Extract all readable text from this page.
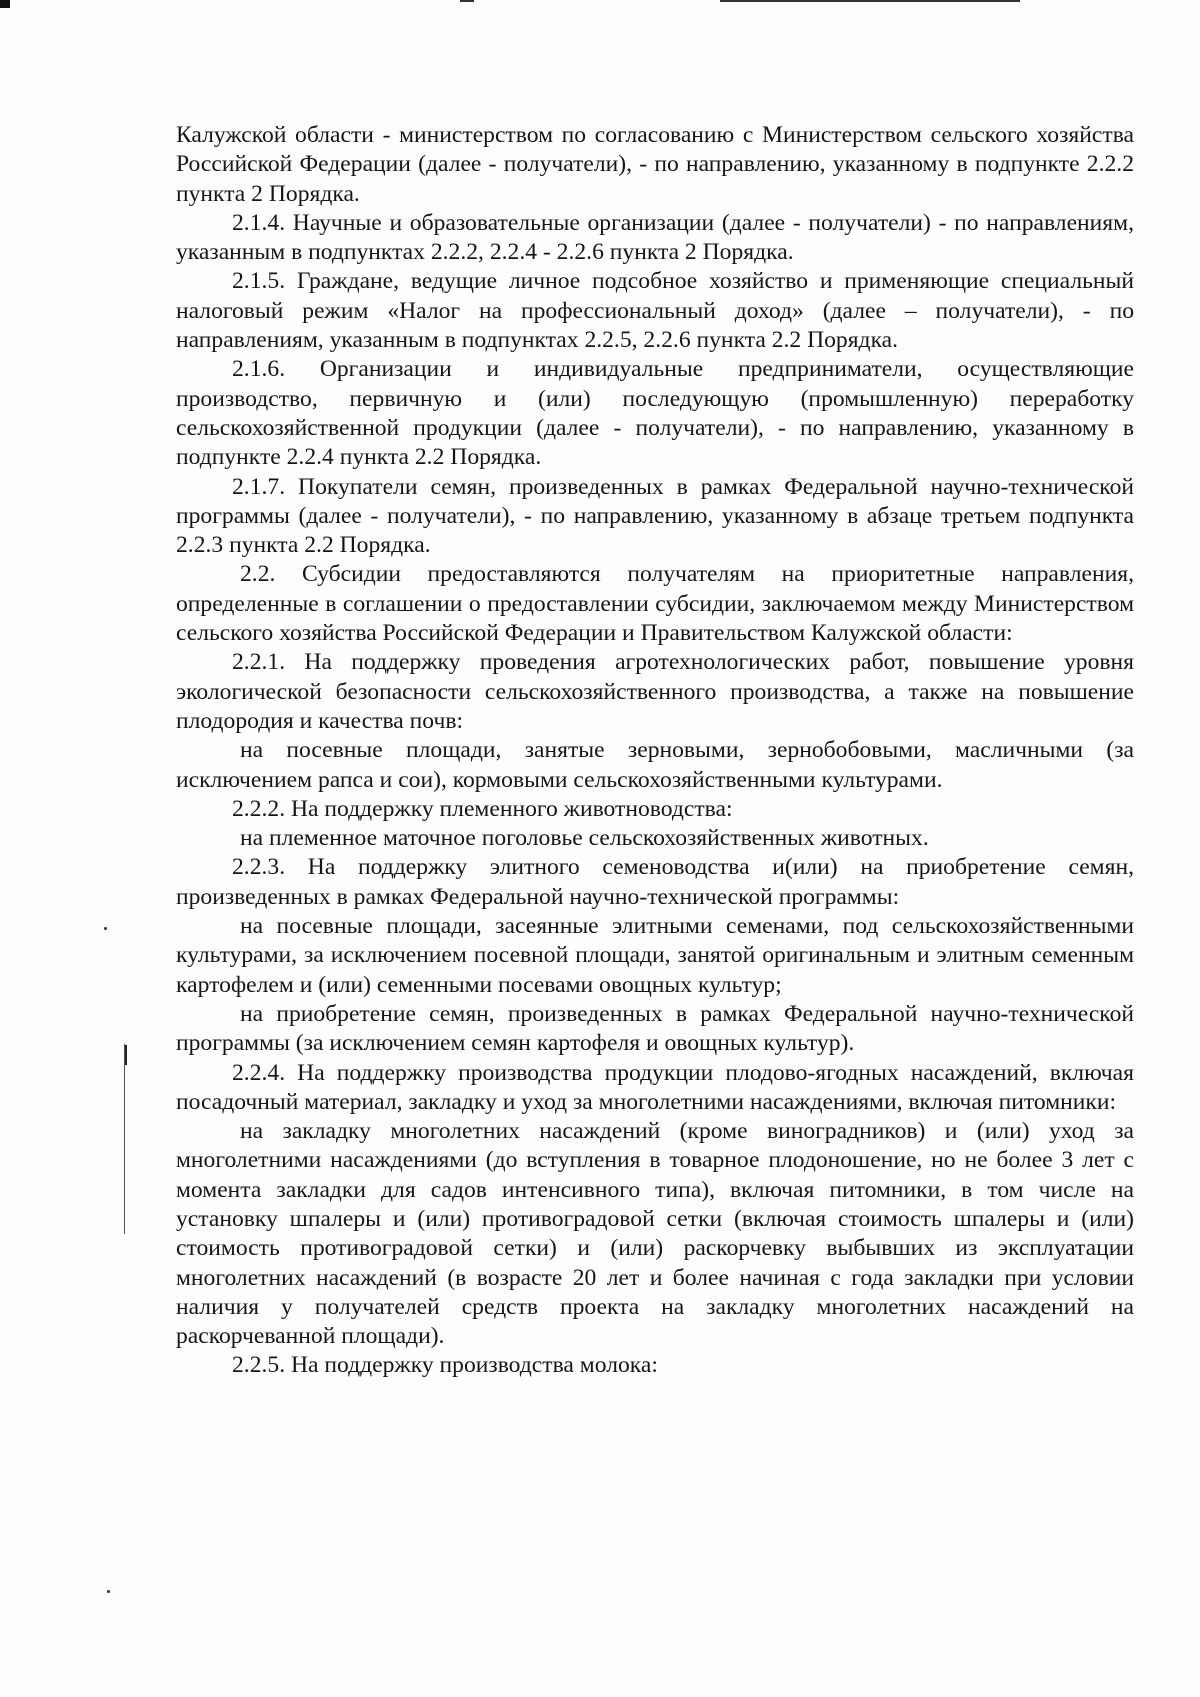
Калужской области - министерством по согласованию с Министерством сельского хозяйства Российской Федерации (далее - получатели), - по направлению, указанному в подпункте 2.2.2 пункта 2 Порядка.

2.1.4. Научные и образовательные организации (далее - получатели) - по направлениям, указанным в подпунктах 2.2.2, 2.2.4 - 2.2.6 пункта 2 Порядка.

2.1.5. Граждане, ведущие личное подсобное хозяйство и применяющие специальный налоговый режим «Налог на профессиональный доход» (далее – получатели), - по направлениям, указанным в подпунктах 2.2.5, 2.2.6 пункта 2.2 Порядка.

2.1.6. Организации и индивидуальные предприниматели, осуществляющие производство, первичную и (или) последующую (промышленную) переработку сельскохозяйственной продукции (далее - получатели), - по направлению, указанному в подпункте 2.2.4 пункта 2.2 Порядка.

2.1.7. Покупатели семян, произведенных в рамках Федеральной научно-технической программы (далее - получатели), - по направлению, указанному в абзаце третьем подпункта 2.2.3 пункта 2.2 Порядка.

2.2. Субсидии предоставляются получателям на приоритетные направления, определенные в соглашении о предоставлении субсидии, заключаемом между Министерством сельского хозяйства Российской Федерации и Правительством Калужской области:

2.2.1. На поддержку проведения агротехнологических работ, повышение уровня экологической безопасности сельскохозяйственного производства, а также на повышение плодородия и качества почв:

на посевные площади, занятые зерновыми, зернобобовыми, масличными (за исключением рапса и сои), кормовыми сельскохозяйственными культурами.

2.2.2. На поддержку племенного животноводства:

на племенное маточное поголовье сельскохозяйственных животных.

2.2.3. На поддержку элитного семеноводства и(или) на приобретение семян, произведенных в рамках Федеральной научно-технической программы:

на посевные площади, засеянные элитными семенами, под сельскохозяйственными культурами, за исключением посевной площади, занятой оригинальным и элитным семенным картофелем и (или) семенными посевами овощных культур;

на приобретение семян, произведенных в рамках Федеральной научно-технической программы (за исключением семян картофеля и овощных культур).

2.2.4. На поддержку производства продукции плодово-ягодных насаждений, включая посадочный материал, закладку и уход за многолетними насаждениями, включая питомники:

на закладку многолетних насаждений (кроме виноградников) и (или) уход за многолетними насаждениями (до вступления в товарное плодоношение, но не более 3 лет с момента закладки для садов интенсивного типа), включая питомники, в том числе на установку шпалеры и (или) противоградовой сетки (включая стоимость шпалеры и (или) стоимость противоградовой сетки) и (или) раскорчевку выбывших из эксплуатации многолетних насаждений (в возрасте 20 лет и более начиная с года закладки при условии наличия у получателей средств проекта на закладку многолетних насаждений на раскорчеванной площади).

2.2.5. На поддержку производства молока:
